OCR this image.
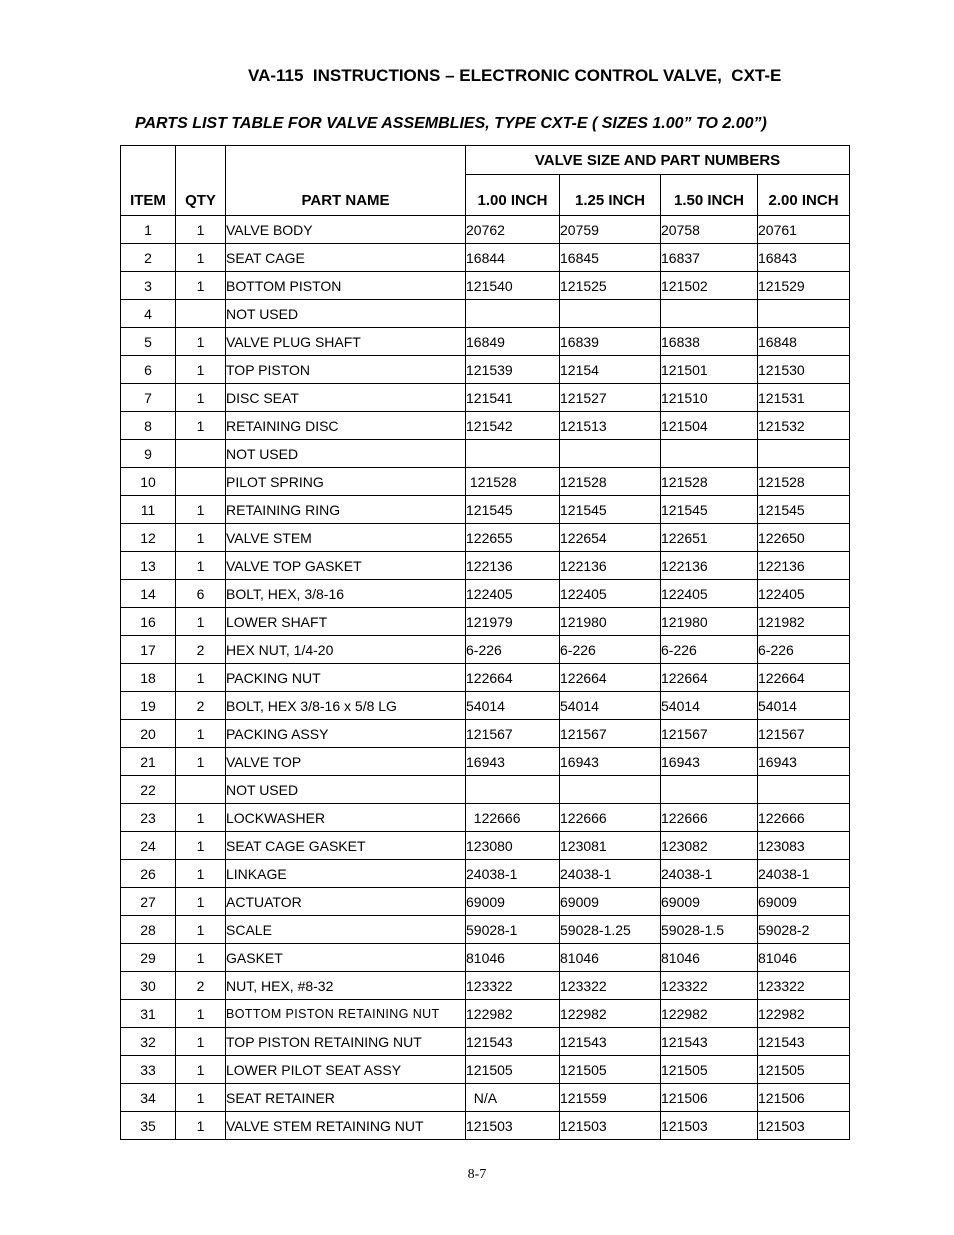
VA-115  INSTRUCTIONS – ELECTRONIC CONTROL VALVE,  CXT-E
PARTS LIST TABLE FOR VALVE ASSEMBLIES, TYPE CXT-E ( SIZES 1.00” TO 2.00”)
			VALVE SIZE AND PART NUMBERS			
ITEM	QTY	PART NAME	1.00 INCH	1.25 INCH	1.50 INCH	2.00 INCH
1	1	VALVE BODY	20762	20759	20758	20761
2	1	SEAT CAGE	16844	16845	16837	16843
3	1	BOTTOM PISTON	121540	121525	121502	121529
4		NOT USED				
5	1	VALVE PLUG SHAFT	16849	16839	16838	16848
6	1	TOP PISTON	121539	12154	121501	121530
7	1	DISC SEAT	121541	121527	121510	121531
8	1	RETAINING DISC	121542	121513	121504	121532
9		NOT USED				
10		PILOT SPRING	121528	121528	121528	121528
11	1	RETAINING RING	121545	121545	121545	121545
12	1	VALVE STEM	122655	122654	122651	122650
13	1	VALVE TOP GASKET	122136	122136	122136	122136
14	6	BOLT, HEX, 3/8-16	122405	122405	122405	122405
16	1	LOWER SHAFT	121979	121980	121980	121982
17	2	HEX NUT, 1/4-20	6-226	6-226	6-226	6-226
18	1	PACKING NUT	122664	122664	122664	122664
19	2	BOLT, HEX 3/8-16 x 5/8 LG	54014	54014	54014	54014
20	1	PACKING ASSY	121567	121567	121567	121567
21	1	VALVE TOP	16943	16943	16943	16943
22		NOT USED				
23	1	LOCKWASHER	122666	122666	122666	122666
24	1	SEAT CAGE GASKET	123080	123081	123082	123083
26	1	LINKAGE	24038-1	24038-1	24038-1	24038-1
27	1	ACTUATOR	69009	69009	69009	69009
28	1	SCALE	59028-1	59028-1.25	59028-1.5	59028-2
29	1	GASKET	81046	81046	81046	81046
30	2	NUT, HEX, #8-32	123322	123322	123322	123322
31	1	BOTTOM PISTON RETAINING NUT	122982	122982	122982	122982
32	1	TOP PISTON RETAINING NUT	121543	121543	121543	121543
33	1	LOWER PILOT SEAT ASSY	121505	121505	121505	121505
34	1	SEAT RETAINER	N/A	121559	121506	121506
35	1	VALVE STEM RETAINING NUT	121503	121503	121503	121503
8-7
